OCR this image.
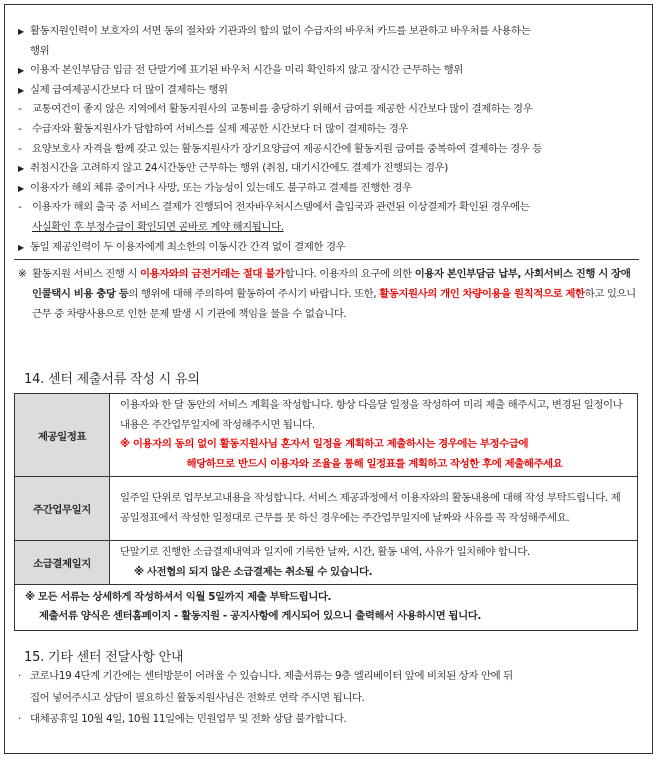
▶ 활동지원인력이 보호자의 서면 동의 절차와 기관과의 합의 없이 수급자의 바우처 카드를 보관하고 바우처를 사용하는
행위
▶ 이용자 본인부담금 입금 전 단말기에 표기된 바우처 시간을 미리 확인하지 않고 장시간 근무하는 행위
▶ 실제 급여제공시간보다 더 많이 결제하는 행위
- 교통여건이 좋지 않은 지역에서 활동지원사의 교통비를 충당하기 위해서 급여를 제공한 시간보다 많이 결제하는 경우
- 수급자와 활동지원사가 담합하여 서비스를 실제 제공한 시간보다 더 많이 결제하는 경우
- 요양보호사 자격을 함께 갖고 있는 활동지원사가 장기요양급여 제공시간에 활동지원 급여를 중복하여 결제하는 경우 등
▶ 취침시간을 고려하지 않고 24시간동안 근무하는 행위 (취침, 대기시간에도 결제가 진행되는 경우)
▶ 이용자가 해외 체류 중이거나 사망, 또는 가능성이 있는데도 불구하고 결제를 진행한 경우
- 이용자가 해외 출국 중 서비스 결제가 진행되어 전자바우처시스템에서 출입국과 관련된 이상결제가 확인된 경우에는
사실확인 후 부정수급이 확인되면 곧바로 계약 해지됩니다.
▶ 동일 제공인력이 두 이용자에게 최소한의 이동시간 간격 없이 결제한 경우
※ 활동지원 서비스 진행 시 이용자와의 금전거래는 절대 불가합니다. 이용자의 요구에 의한 이용자 본인부담금 납부, 사회서비스 진행 시 장애인콜택시 비용 충당 등의 행위에 대해 주의하여 활동하여 주시기 바랍니다. 또한, 활동지원사의 개인 차량이용을 원칙적으로 제한하고 있으니 근무 중 차량사용으로 인한 문제 발생 시 기관에 책임을 물을 수 없습니다.
14. 센터 제출서류 작성 시 유의
제공일정표	이용자와 한 달 동안의 서비스 계획을 작성합니다. 항상 다음달 일정을 작성하여 미리 제출 해주시고, 변경된 일정이나 내용은 주간업무일지에 작성해주시면 됩니다.
※ 이용자의 동의 없이 활동지원사님 혼자서 일정을 계획하고 제출하시는 경우에는 부정수급에

해당하므로 반드시 이용자와 조율을 통해 일정표를 계획하고 작성한 후에 제출해주세요

주간업무일지	일주일 단위로 업무보고내용을 작성합니다. 서비스 제공과정에서 이용자와의 활동내용에 대해 작성 부탁드립니다. 제공일정표에서 작성한 일정대로 근무를 못 하신 경우에는 주간업무일지에 날짜와 사유를 꼭 작성해주세요.
소급결제일지	단말기로 진행한 소급결제내역과 일지에 기록한 날짜, 시간, 활동 내역, 사유가 일치해야 합니다.
※ 사전협의 되지 않은 소급결제는 취소될 수 있습니다.

※ 모든 서류는 상세하게 작성하셔서 익월 5일까지 제출 부탁드립니다.
제출서류 양식은 센터홈페이지 - 활동지원 - 공지사항에 게시되어 있으니 출력해서 사용하시면 됩니다.	
15. 기타 센터 전달사항 안내
· 코로나19 4단계 기간에는 센터방문이 어려울 수 있습니다. 제출서류는 9층 엘리베이터 앞에 비치된 상자 안에 뒤
집어 넣어주시고 상담이 필요하신 활동지원사님은 전화로 연락 주시면 됩니다.
· 대체공휴일 10월 4일, 10월 11일에는 민원업무 및 전화 상담 불가합니다.
